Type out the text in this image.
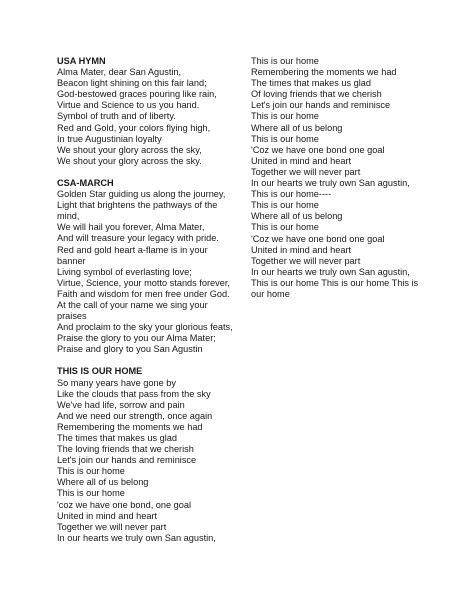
USA HYMN

Alma Mater, dear San Agustin,

Beacon light shining on this fair land;

God-bestowed graces pouring like rain,

Virtue and Science to us you hand.

Symbol of truth and of liberty.

Red and Gold, your colors flying high,

In true Augustinian loyalty

We shout your glory across the sky,

We shout your glory across the sky.

CSA-MARCH

Golden Star guiding us along the journey,

Light that brightens the pathways of the

mind,

We will hail you forever, Alma Mater,

And will treasure your legacy with pride.

Red and gold heart a-flame is in your

banner

Living symbol of everlasting love;

Virtue, Science, your motto stands forever,

Faith and wisdom for men free under God.

At the call of your name we sing your

praises

And proclaim to the sky your glorious feats,

Praise the glory to you our Alma Mater;

Praise and glory to you San Agustin

THIS IS OUR HOME

So many years have gone by

Like the clouds that pass from the sky

We've had life, sorrow and pain

And we need our strength, once again

Remembering the moments we had

The times that makes us glad

The loving friends that we cherish

Let's join our hands and reminisce

This is our home

Where all of us belong

This is our home

'coz we have one bond, one goal

United in mind and heart

Together we will never part

In our hearts we truly own San agustin,

This is our home

Remembering the moments we had

The times that makes us glad

Of loving friends that we cherish

Let's join our hands and reminisce

This is our home

Where all of us belong

This is our home

'Coz we have one bond one goal

United in mind and heart

Together we will never part

In our hearts we truly own San agustin,

This is our home----

This is our home

Where all of us belong

This is our home

'Coz we have one bond one goal

United in mind and heart

Together we will never part

In our hearts we truly own San agustin,

This is our home This is our home This is

our home
